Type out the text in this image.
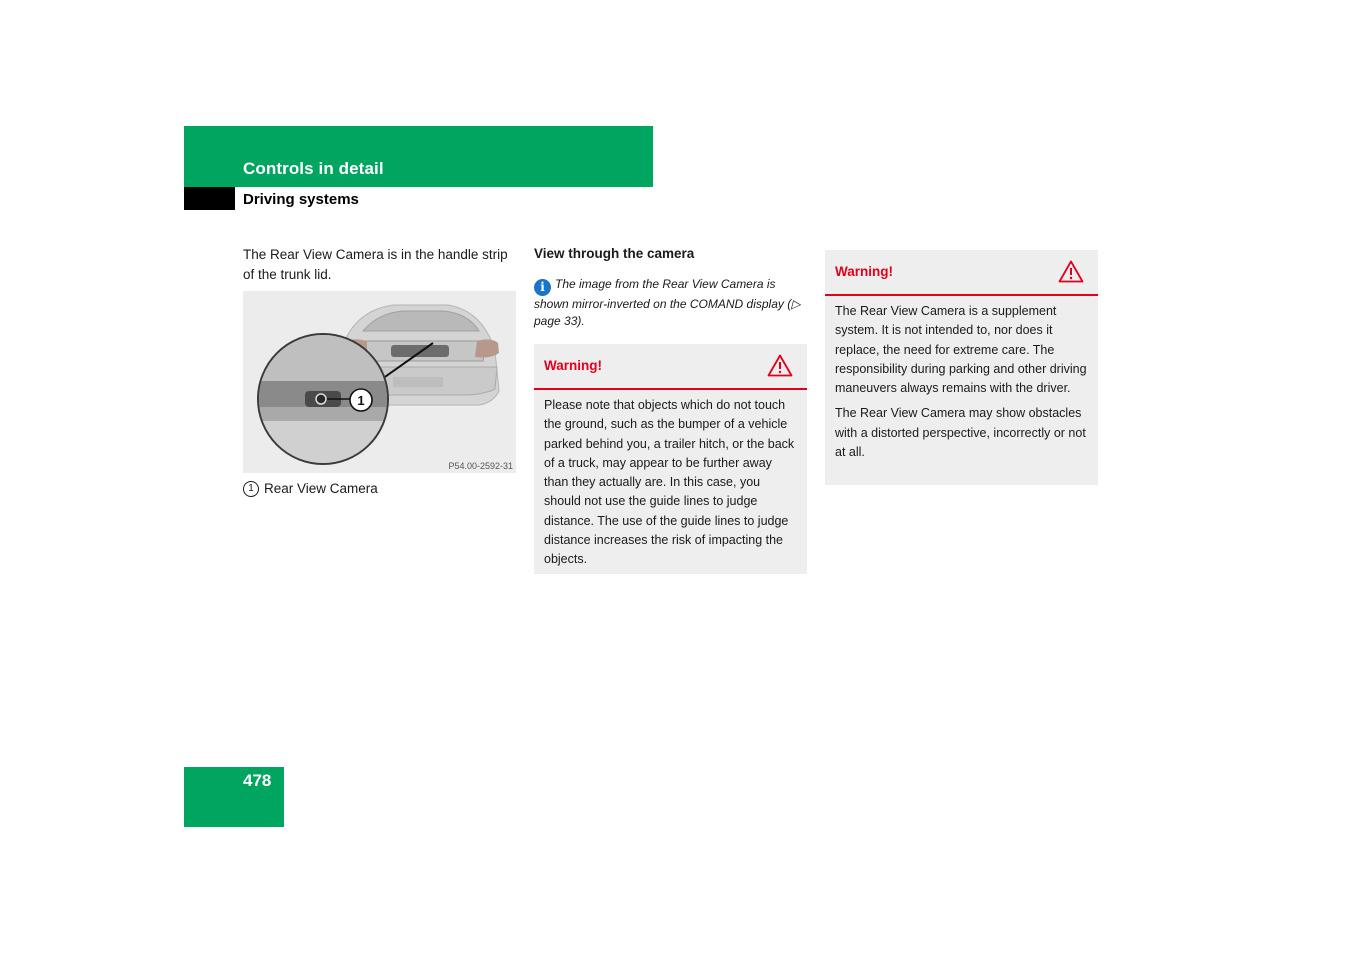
Controls in detail
Driving systems

The Rear View Camera is in the handle strip of the trunk lid.

1
P54.00-2592-31
1 Rear View Camera
View through the camera

i The image from the Rear View Camera is shown mirror-inverted on the COMAND display (▷ page 33).

Warning!

Please note that objects which do not touch the ground, such as the bumper of a vehicle parked behind you, a trailer hitch, or the back of a truck, may appear to be further away than they actually are. In this case, you should not use the guide lines to judge distance. The use of the guide lines to judge distance increases the risk of impacting the objects.

Warning!

The Rear View Camera is a supplement system. It is not intended to, nor does it replace, the need for extreme care. The responsibility during parking and other driving maneuvers always remains with the driver.

The Rear View Camera may show obstacles with a distorted perspective, incorrectly or not at all.

478
